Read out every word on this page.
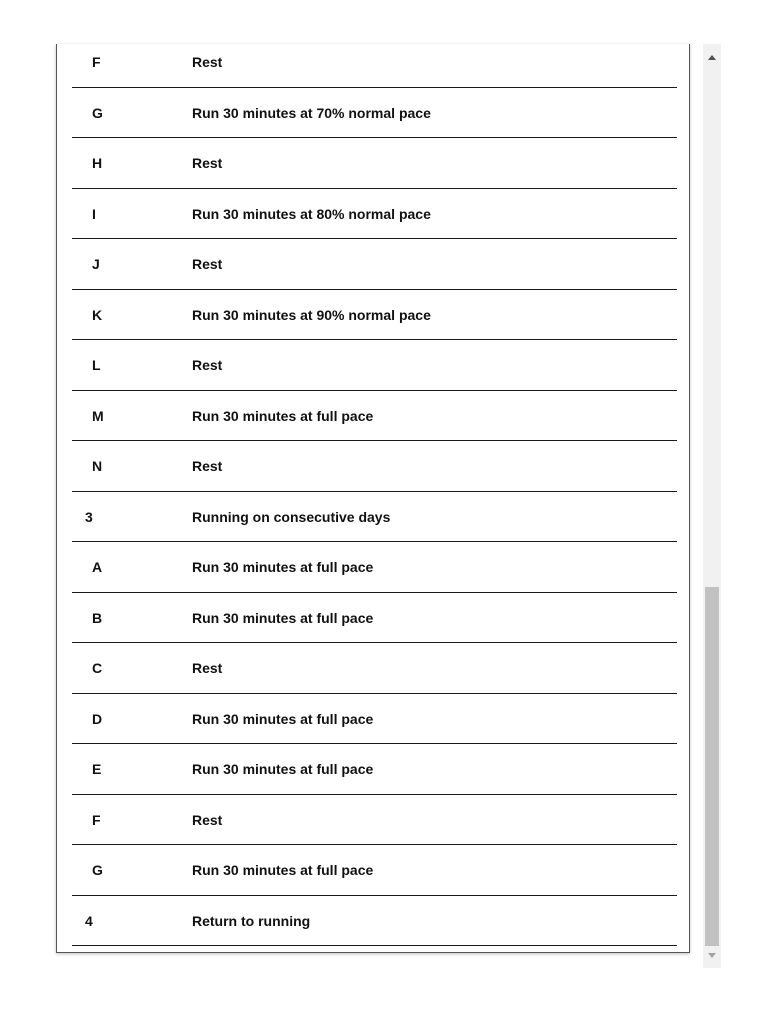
F	Rest
G	Run 30 minutes at 70% normal pace
H	Rest
I	Run 30 minutes at 80% normal pace
J	Rest
K	Run 30 minutes at 90% normal pace
L	Rest
M	Run 30 minutes at full pace
N	Rest
3	Running on consecutive days
A	Run 30 minutes at full pace
B	Run 30 minutes at full pace
C	Rest
D	Run 30 minutes at full pace
E	Run 30 minutes at full pace
F	Rest
G	Run 30 minutes at full pace
4	Return to running
